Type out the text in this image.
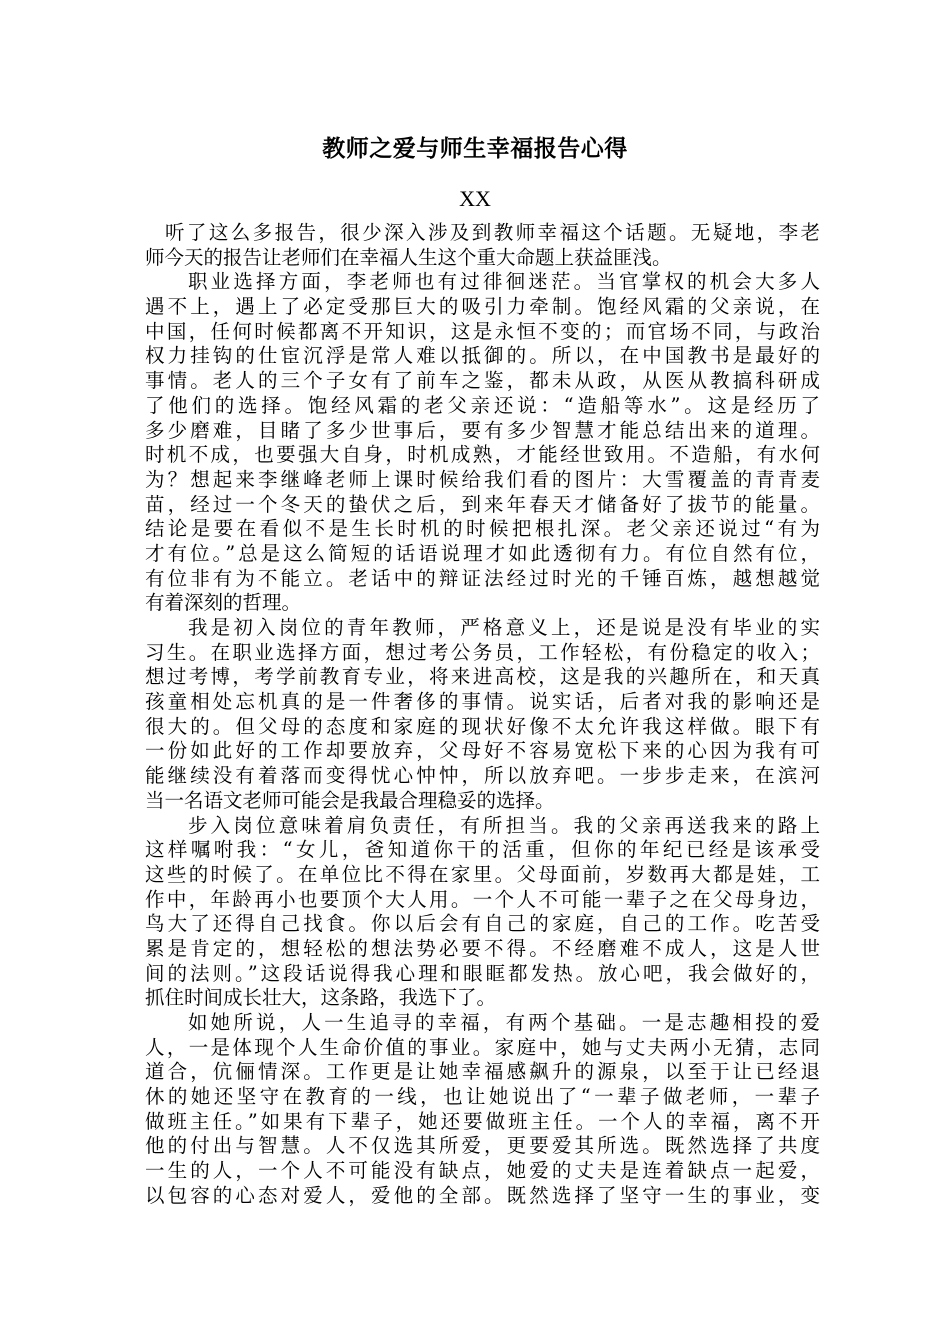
教师之爱与师生幸福报告心得
XX
听了这么多报告，很少深入涉及到教师幸福这个话题。无疑地，李老
师今天的报告让老师们在幸福人生这个重大命题上获益匪浅。
职业选择方面，李老师也有过徘徊迷茫。当官掌权的机会大多人
遇不上，遇上了必定受那巨大的吸引力牵制。饱经风霜的父亲说，在
中国，任何时候都离不开知识，这是永恒不变的；而官场不同，与政治
权力挂钩的仕宦沉浮是常人难以抵御的。所以，在中国教书是最好的
事情。老人的三个子女有了前车之鉴，都未从政，从医从教搞科研成
了他们的选择。饱经风霜的老父亲还说：“造船等水”。这是经历了
多少磨难，目睹了多少世事后，要有多少智慧才能总结出来的道理。
时机不成，也要强大自身，时机成熟，才能经世致用。不造船，有水何
为？想起来李继峰老师上课时候给我们看的图片：大雪覆盖的青青麦
苗，经过一个冬天的蛰伏之后，到来年春天才储备好了拔节的能量。
结论是要在看似不是生长时机的时候把根扎深。老父亲还说过“有为
才有位。”总是这么简短的话语说理才如此透彻有力。有位自然有位，
有位非有为不能立。老话中的辩证法经过时光的千锤百炼，越想越觉
有着深刻的哲理。
我是初入岗位的青年教师，严格意义上，还是说是没有毕业的实
习生。在职业选择方面，想过考公务员，工作轻松，有份稳定的收入；
想过考博，考学前教育专业，将来进高校，这是我的兴趣所在，和天真
孩童相处忘机真的是一件奢侈的事情。说实话，后者对我的影响还是
很大的。但父母的态度和家庭的现状好像不太允许我这样做。眼下有
一份如此好的工作却要放弃，父母好不容易宽松下来的心因为我有可
能继续没有着落而变得忧心忡忡，所以放弃吧。一步步走来，在滨河
当一名语文老师可能会是我最合理稳妥的选择。
步入岗位意味着肩负责任，有所担当。我的父亲再送我来的路上
这样嘱咐我：“女儿，爸知道你干的活重，但你的年纪已经是该承受
这些的时候了。在单位比不得在家里。父母面前，岁数再大都是娃，工
作中，年龄再小也要顶个大人用。一个人不可能一辈子之在父母身边，
鸟大了还得自己找食。你以后会有自己的家庭，自己的工作。吃苦受
累是肯定的，想轻松的想法势必要不得。不经磨难不成人，这是人世
间的法则。”这段话说得我心理和眼眶都发热。放心吧，我会做好的，
抓住时间成长壮大，这条路，我选下了。
如她所说，人一生追寻的幸福，有两个基础。一是志趣相投的爱
人，一是体现个人生命价值的事业。家庭中，她与丈夫两小无猜，志同
道合，伉俪情深。工作更是让她幸福感飙升的源泉，以至于让已经退
休的她还坚守在教育的一线，也让她说出了“一辈子做老师，一辈子
做班主任。”如果有下辈子，她还要做班主任。一个人的幸福，离不开
他的付出与智慧。人不仅选其所爱，更要爱其所选。既然选择了共度
一生的人，一个人不可能没有缺点，她爱的丈夫是连着缺点一起爱，
以包容的心态对爱人，爱他的全部。既然选择了坚守一生的事业，变
